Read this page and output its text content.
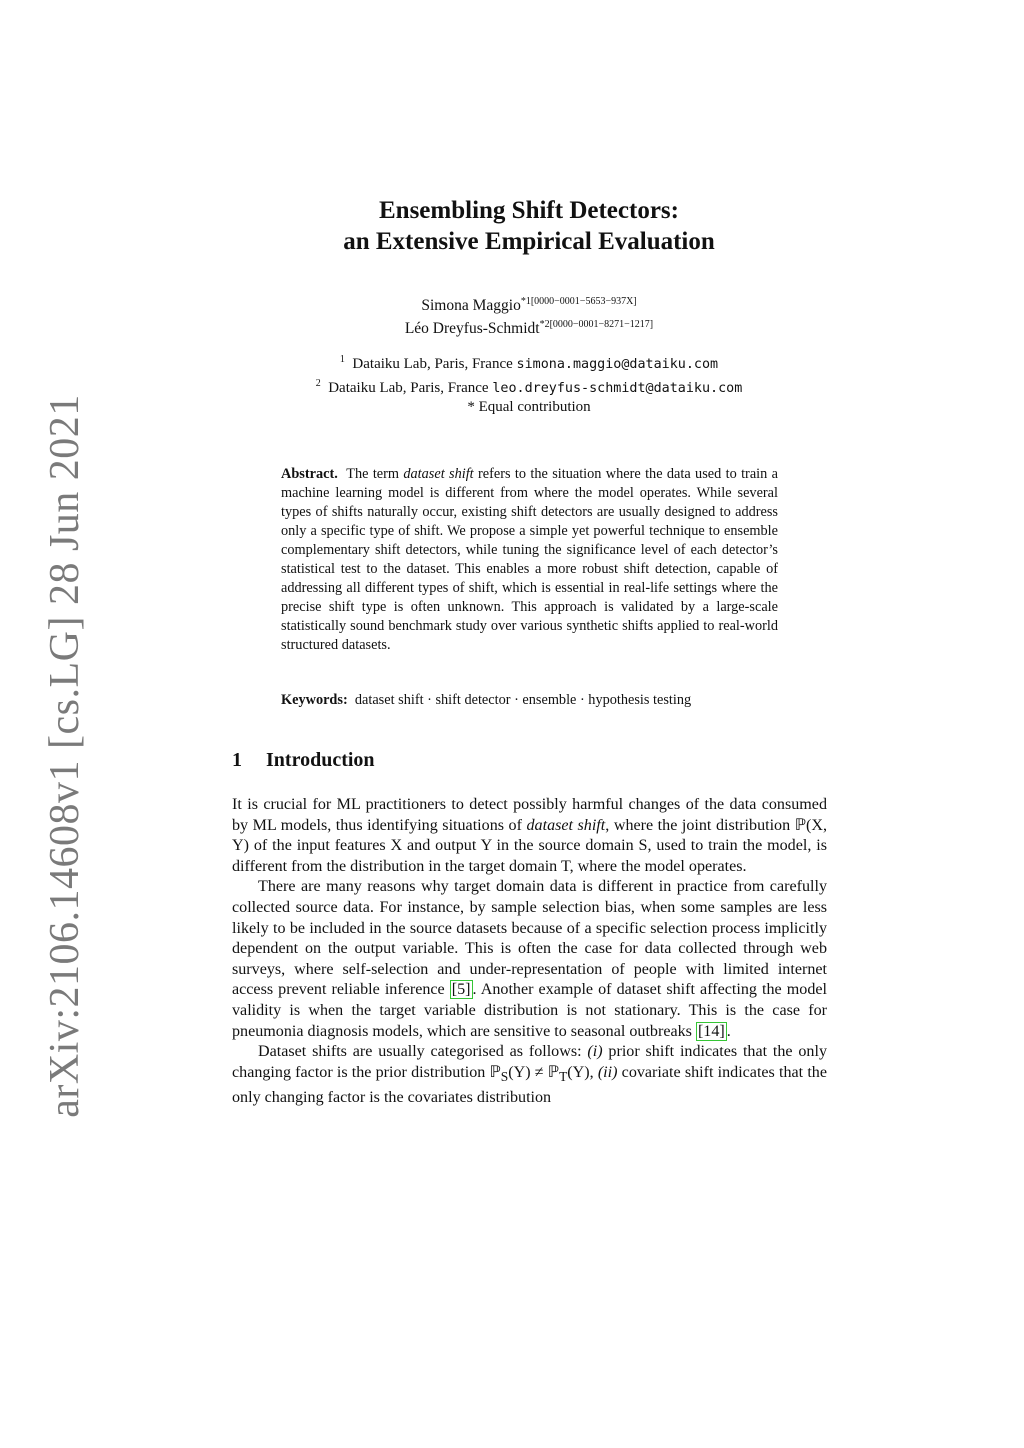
arXiv:2106.14608v1 [cs.LG] 28 Jun 2021
Ensembling Shift Detectors:
an Extensive Empirical Evaluation
Simona Maggio$^{*1[0000-0001-5653-937X]}$
Léo Dreyfus-Schmidt$^{*2[0000-0001-8271-1217]}$
$^1$ Dataiku Lab, Paris, France simona.maggio@dataiku.com
$^2$ Dataiku Lab, Paris, France leo.dreyfus-schmidt@dataiku.com
* Equal contribution

Abstract. The term dataset shift refers to the situation where the data used to train a machine learning model is different from where the model operates. While several types of shifts naturally occur, existing shift detectors are usually designed to address only a specific type of shift. We propose a simple yet powerful technique to ensemble complementary shift detectors, while tuning the significance level of each detector’s statistical test to the dataset. This enables a more robust shift detection, capable of addressing all different types of shift, which is essential in real-life settings where the precise shift type is often unknown. This approach is validated by a large-scale statistically sound benchmark study over various synthetic shifts applied to real-world structured datasets.

Keywords: dataset shift · shift detector · ensemble · hypothesis testing
1 Introduction

It is crucial for ML practitioners to detect possibly harmful changes of the data consumed by ML models, thus identifying situations of dataset shift, where the joint distribution ℙ(X, Y) of the input features X and output Y in the source domain S, used to train the model, is different from the distribution in the target domain T, where the model operates.

There are many reasons why target domain data is different in practice from carefully collected source data. For instance, by sample selection bias, when some samples are less likely to be included in the source datasets because of a specific selection process implicitly dependent on the output variable. This is often the case for data collected through web surveys, where self-selection and under-representation of people with limited internet access prevent reliable inference [5] . Another example of dataset shift affecting the model validity is when the target variable distribution is not stationary. This is the case for pneumonia diagnosis models, which are sensitive to seasonal outbreaks [14] .

Dataset shifts are usually categorised as follows: (i) prior shift indicates that the only changing factor is the prior distribution ℙ$_S$(Y) ≠ ℙ$_T$(Y), (ii) covariate shift indicates that the only changing factor is the covariates distribution
